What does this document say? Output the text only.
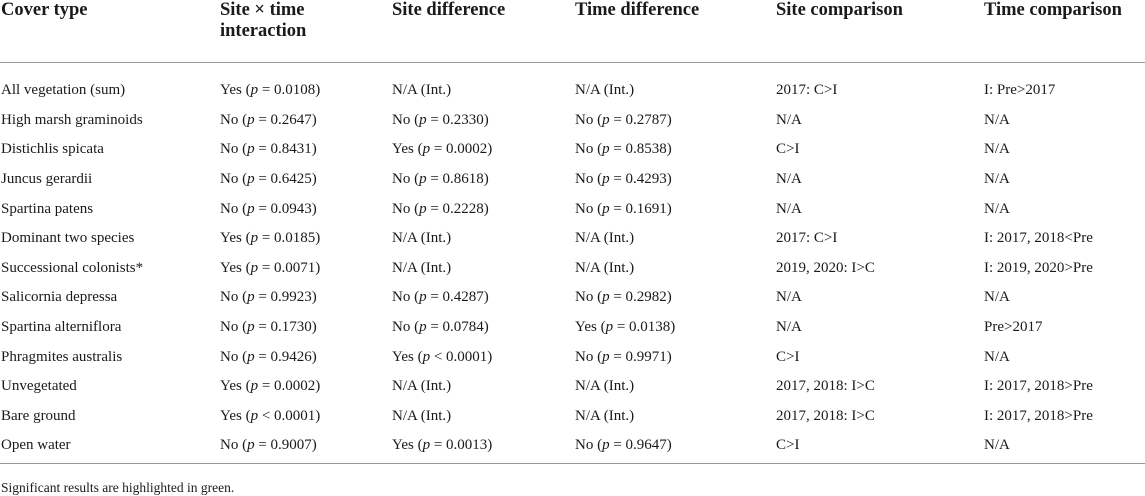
Cover type	Site × time interaction	Site difference	Time difference	Site comparison	Time comparison

All vegetation (sum)	Yes (p = 0.0108)	N/A (Int.)	N/A (Int.)	2017: C>I	I: Pre>2017
High marsh graminoids	No (p = 0.2647)	No (p = 0.2330)	No (p = 0.2787)	N/A	N/A
Distichlis spicata	No (p = 0.8431)	Yes (p = 0.0002)	No (p = 0.8538)	C>I	N/A
Juncus gerardii	No (p = 0.6425)	No (p = 0.8618)	No (p = 0.4293)	N/A	N/A
Spartina patens	No (p = 0.0943)	No (p = 0.2228)	No (p = 0.1691)	N/A	N/A
Dominant two species	Yes (p = 0.0185)	N/A (Int.)	N/A (Int.)	2017: C>I	I: 2017, 2018<Pre
Successional colonists*	Yes (p = 0.0071)	N/A (Int.)	N/A (Int.)	2019, 2020: I>C	I: 2019, 2020>Pre
Salicornia depressa	No (p = 0.9923)	No (p = 0.4287)	No (p = 0.2982)	N/A	N/A
Spartina alterniflora	No (p = 0.1730)	No (p = 0.0784)	Yes (p = 0.0138)	N/A	Pre>2017
Phragmites australis	No (p = 0.9426)	Yes (p < 0.0001)	No (p = 0.9971)	C>I	N/A
Unvegetated	Yes (p = 0.0002)	N/A (Int.)	N/A (Int.)	2017, 2018: I>C	I: 2017, 2018>Pre
Bare ground	Yes (p < 0.0001)	N/A (Int.)	N/A (Int.)	2017, 2018: I>C	I: 2017, 2018>Pre
Open water	No (p = 0.9007)	Yes (p = 0.0013)	No (p = 0.9647)	C>I	N/A
Significant results are highlighted in green.
